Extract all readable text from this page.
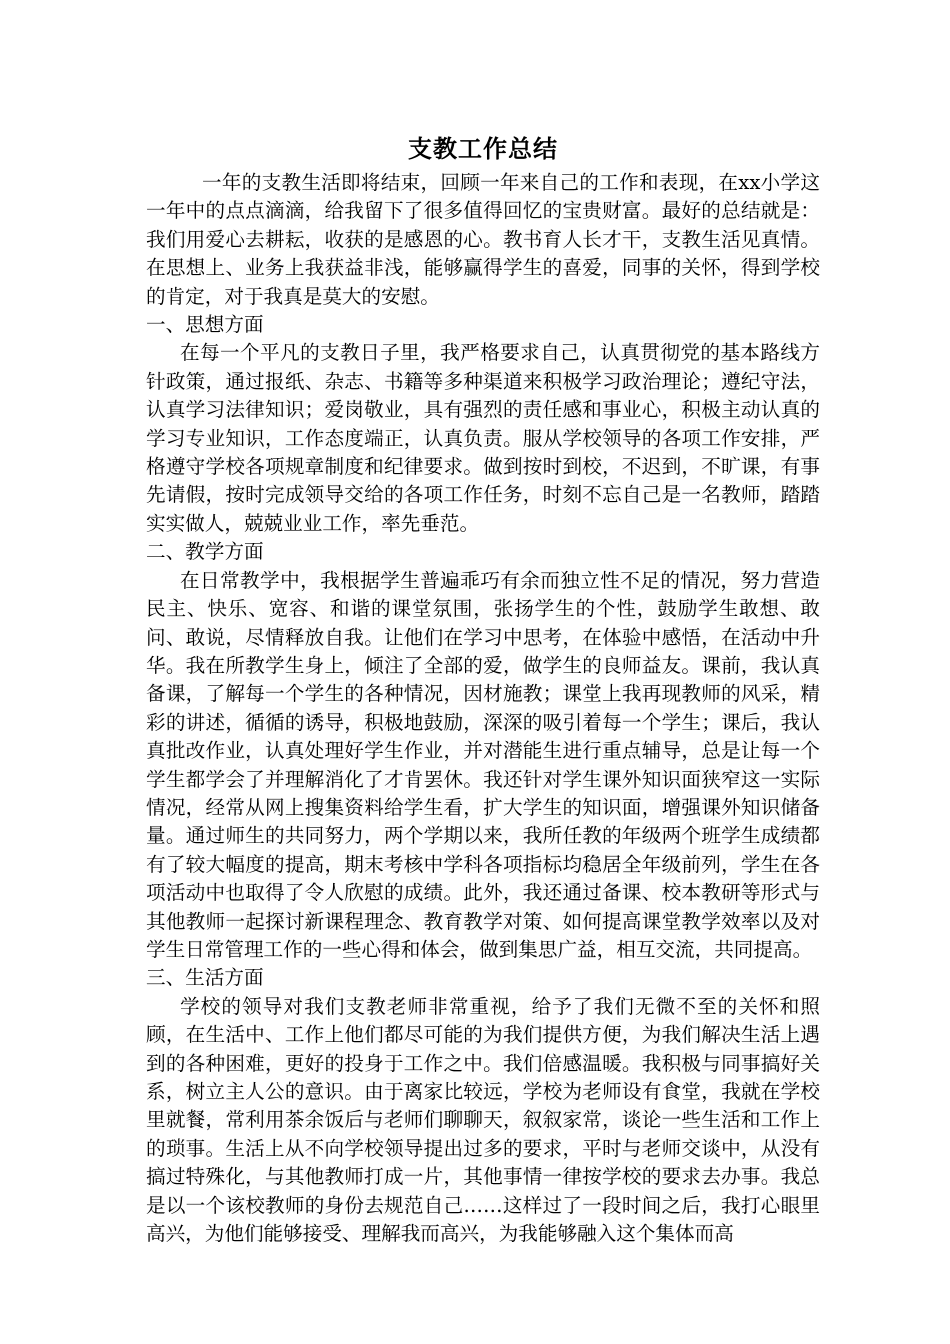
支教工作总结

一年的支教生活即将结束，回顾一年来自己的工作和表现，在xx小学这一年中的点点滴滴，给我留下了很多值得回忆的宝贵财富。最好的总结就是：我们用爱心去耕耘，收获的是感恩的心。教书育人长才干，支教生活见真情。在思想上、业务上我获益非浅，能够赢得学生的喜爱，同事的关怀，得到学校的肯定，对于我真是莫大的安慰。

一、思想方面

在每一个平凡的支教日子里，我严格要求自己，认真贯彻党的基本路线方针政策，通过报纸、杂志、书籍等多种渠道来积极学习政治理论；遵纪守法，认真学习法律知识；爱岗敬业，具有强烈的责任感和事业心，积极主动认真的学习专业知识，工作态度端正，认真负责。服从学校领导的各项工作安排，严格遵守学校各项规章制度和纪律要求。做到按时到校，不迟到，不旷课，有事先请假，按时完成领导交给的各项工作任务，时刻不忘自己是一名教师，踏踏实实做人，兢兢业业工作，率先垂范。

二、教学方面

在日常教学中，我根据学生普遍乖巧有余而独立性不足的情况，努力营造民主、快乐、宽容、和谐的课堂氛围，张扬学生的个性，鼓励学生敢想、敢问、敢说，尽情释放自我。让他们在学习中思考，在体验中感悟，在活动中升华。我在所教学生身上，倾注了全部的爱，做学生的良师益友。课前，我认真备课，了解每一个学生的各种情况，因材施教；课堂上我再现教师的风采，精彩的讲述，循循的诱导，积极地鼓励，深深的吸引着每一个学生；课后，我认真批改作业，认真处理好学生作业，并对潜能生进行重点辅导，总是让每一个学生都学会了并理解消化了才肯罢休。我还针对学生课外知识面狭窄这一实际情况，经常从网上搜集资料给学生看，扩大学生的知识面，增强课外知识储备量。通过师生的共同努力，两个学期以来，我所任教的年级两个班学生成绩都有了较大幅度的提高，期末考核中学科各项指标均稳居全年级前列，学生在各项活动中也取得了令人欣慰的成绩。此外，我还通过备课、校本教研等形式与其他教师一起探讨新课程理念、教育教学对策、如何提高课堂教学效率以及对学生日常管理工作的一些心得和体会，做到集思广益，相互交流，共同提高。

三、生活方面

学校的领导对我们支教老师非常重视，给予了我们无微不至的关怀和照顾，在生活中、工作上他们都尽可能的为我们提供方便，为我们解决生活上遇到的各种困难，更好的投身于工作之中。我们倍感温暖。我积极与同事搞好关系，树立主人公的意识。由于离家比较远，学校为老师设有食堂，我就在学校里就餐，常利用茶余饭后与老师们聊聊天，叙叙家常，谈论一些生活和工作上的琐事。生活上从不向学校领导提出过多的要求，平时与老师交谈中，从没有搞过特殊化，与其他教师打成一片，其他事情一律按学校的要求去办事。我总是以一个该校教师的身份去规范自己……这样过了一段时间之后，我打心眼里高兴，为他们能够接受、理解我而高兴，为我能够融入这个集体而高
